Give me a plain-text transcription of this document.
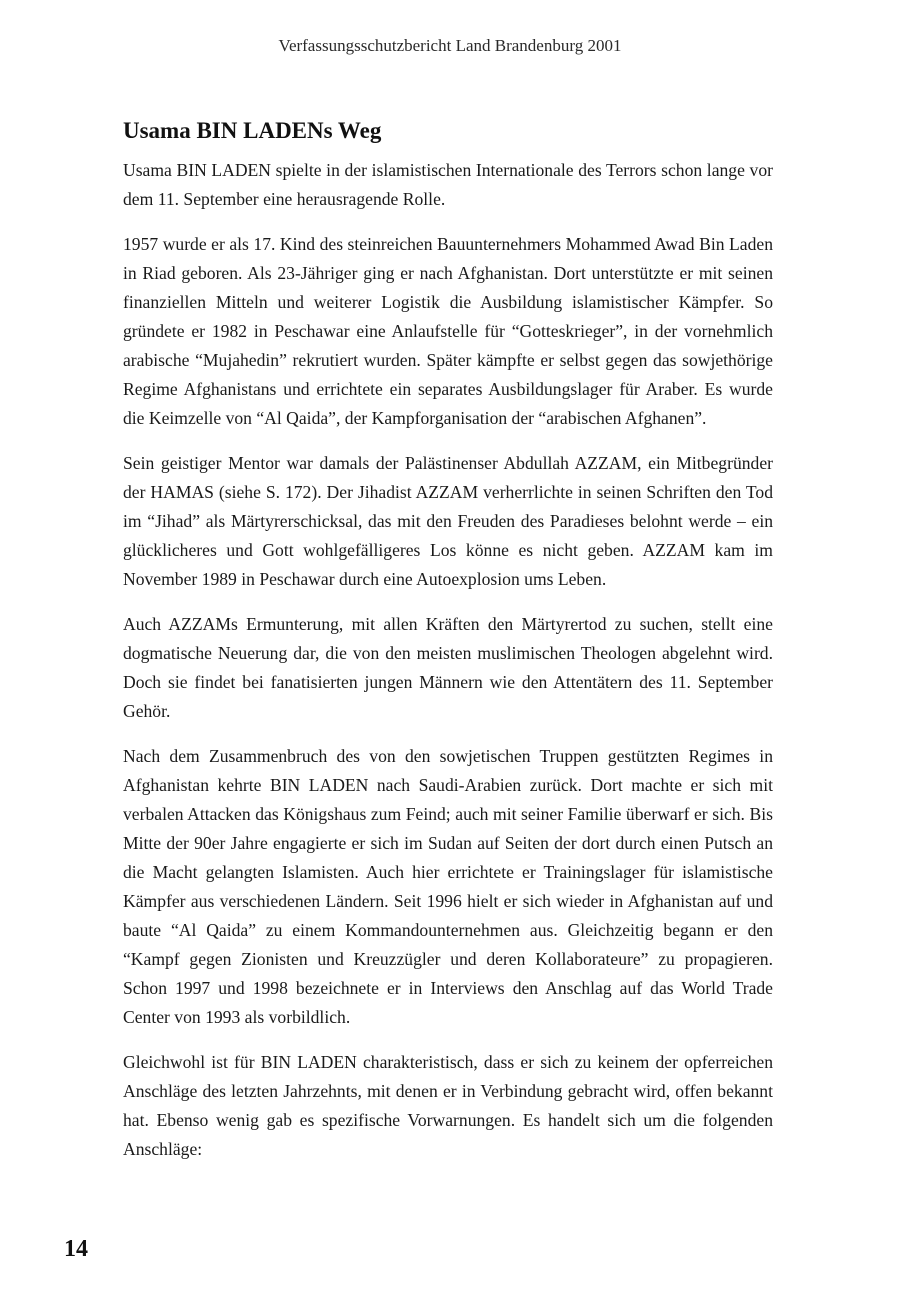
Verfassungsschutzbericht Land Brandenburg 2001
Usama BIN LADENs Weg

Usama BIN LADEN spielte in der islamistischen Internationale des Terrors schon lange vor dem 11. September eine herausragende Rolle.

1957 wurde er als 17. Kind des steinreichen Bauunternehmers Mohammed Awad Bin Laden in Riad geboren. Als 23-Jähriger ging er nach Afghanistan. Dort unterstützte er mit seinen finanziellen Mitteln und weiterer Logistik die Ausbildung islamistischer Kämpfer. So gründete er 1982 in Peschawar eine Anlaufstelle für “Gotteskrieger”, in der vornehmlich arabische “Mujahedin” rekrutiert wurden. Später kämpfte er selbst gegen das sowjethörige Regime Afghanistans und errichtete ein separates Ausbildungslager für Araber. Es wurde die Keimzelle von “Al Qaida”, der Kampforganisation der “arabischen Afghanen”.

Sein geistiger Mentor war damals der Palästinenser Abdullah AZZAM, ein Mitbegründer der HAMAS (siehe S. 172). Der Jihadist AZZAM verherrlichte in seinen Schriften den Tod im “Jihad” als Märtyrerschicksal, das mit den Freuden des Paradieses belohnt werde – ein glücklicheres und Gott wohlgefälligeres Los könne es nicht geben. AZZAM kam im November 1989 in Peschawar durch eine Autoexplosion ums Leben.

Auch AZZAMs Ermunterung, mit allen Kräften den Märtyrertod zu suchen, stellt eine dogmatische Neuerung dar, die von den meisten muslimischen Theologen abgelehnt wird. Doch sie findet bei fanatisierten jungen Männern wie den Attentätern des 11. September Gehör.

Nach dem Zusammenbruch des von den sowjetischen Truppen gestützten Regimes in Afghanistan kehrte BIN LADEN nach Saudi-Arabien zurück. Dort machte er sich mit verbalen Attacken das Königshaus zum Feind; auch mit seiner Familie überwarf er sich. Bis Mitte der 90er Jahre engagierte er sich im Sudan auf Seiten der dort durch einen Putsch an die Macht gelangten Islamisten. Auch hier errichtete er Trainingslager für islamistische Kämpfer aus verschiedenen Ländern. Seit 1996 hielt er sich wieder in Afghanistan auf und baute “Al Qaida” zu einem Kommandounternehmen aus. Gleichzeitig begann er den “Kampf gegen Zionisten und Kreuzzügler und deren Kollaborateure” zu propagieren. Schon 1997 und 1998 bezeichnete er in Interviews den Anschlag auf das World Trade Center von 1993 als vorbildlich.

Gleichwohl ist für BIN LADEN charakteristisch, dass er sich zu keinem der opferreichen Anschläge des letzten Jahrzehnts, mit denen er in Verbindung gebracht wird, offen bekannt hat. Ebenso wenig gab es spezifische Vorwarnungen. Es handelt sich um die folgenden Anschläge:

14
